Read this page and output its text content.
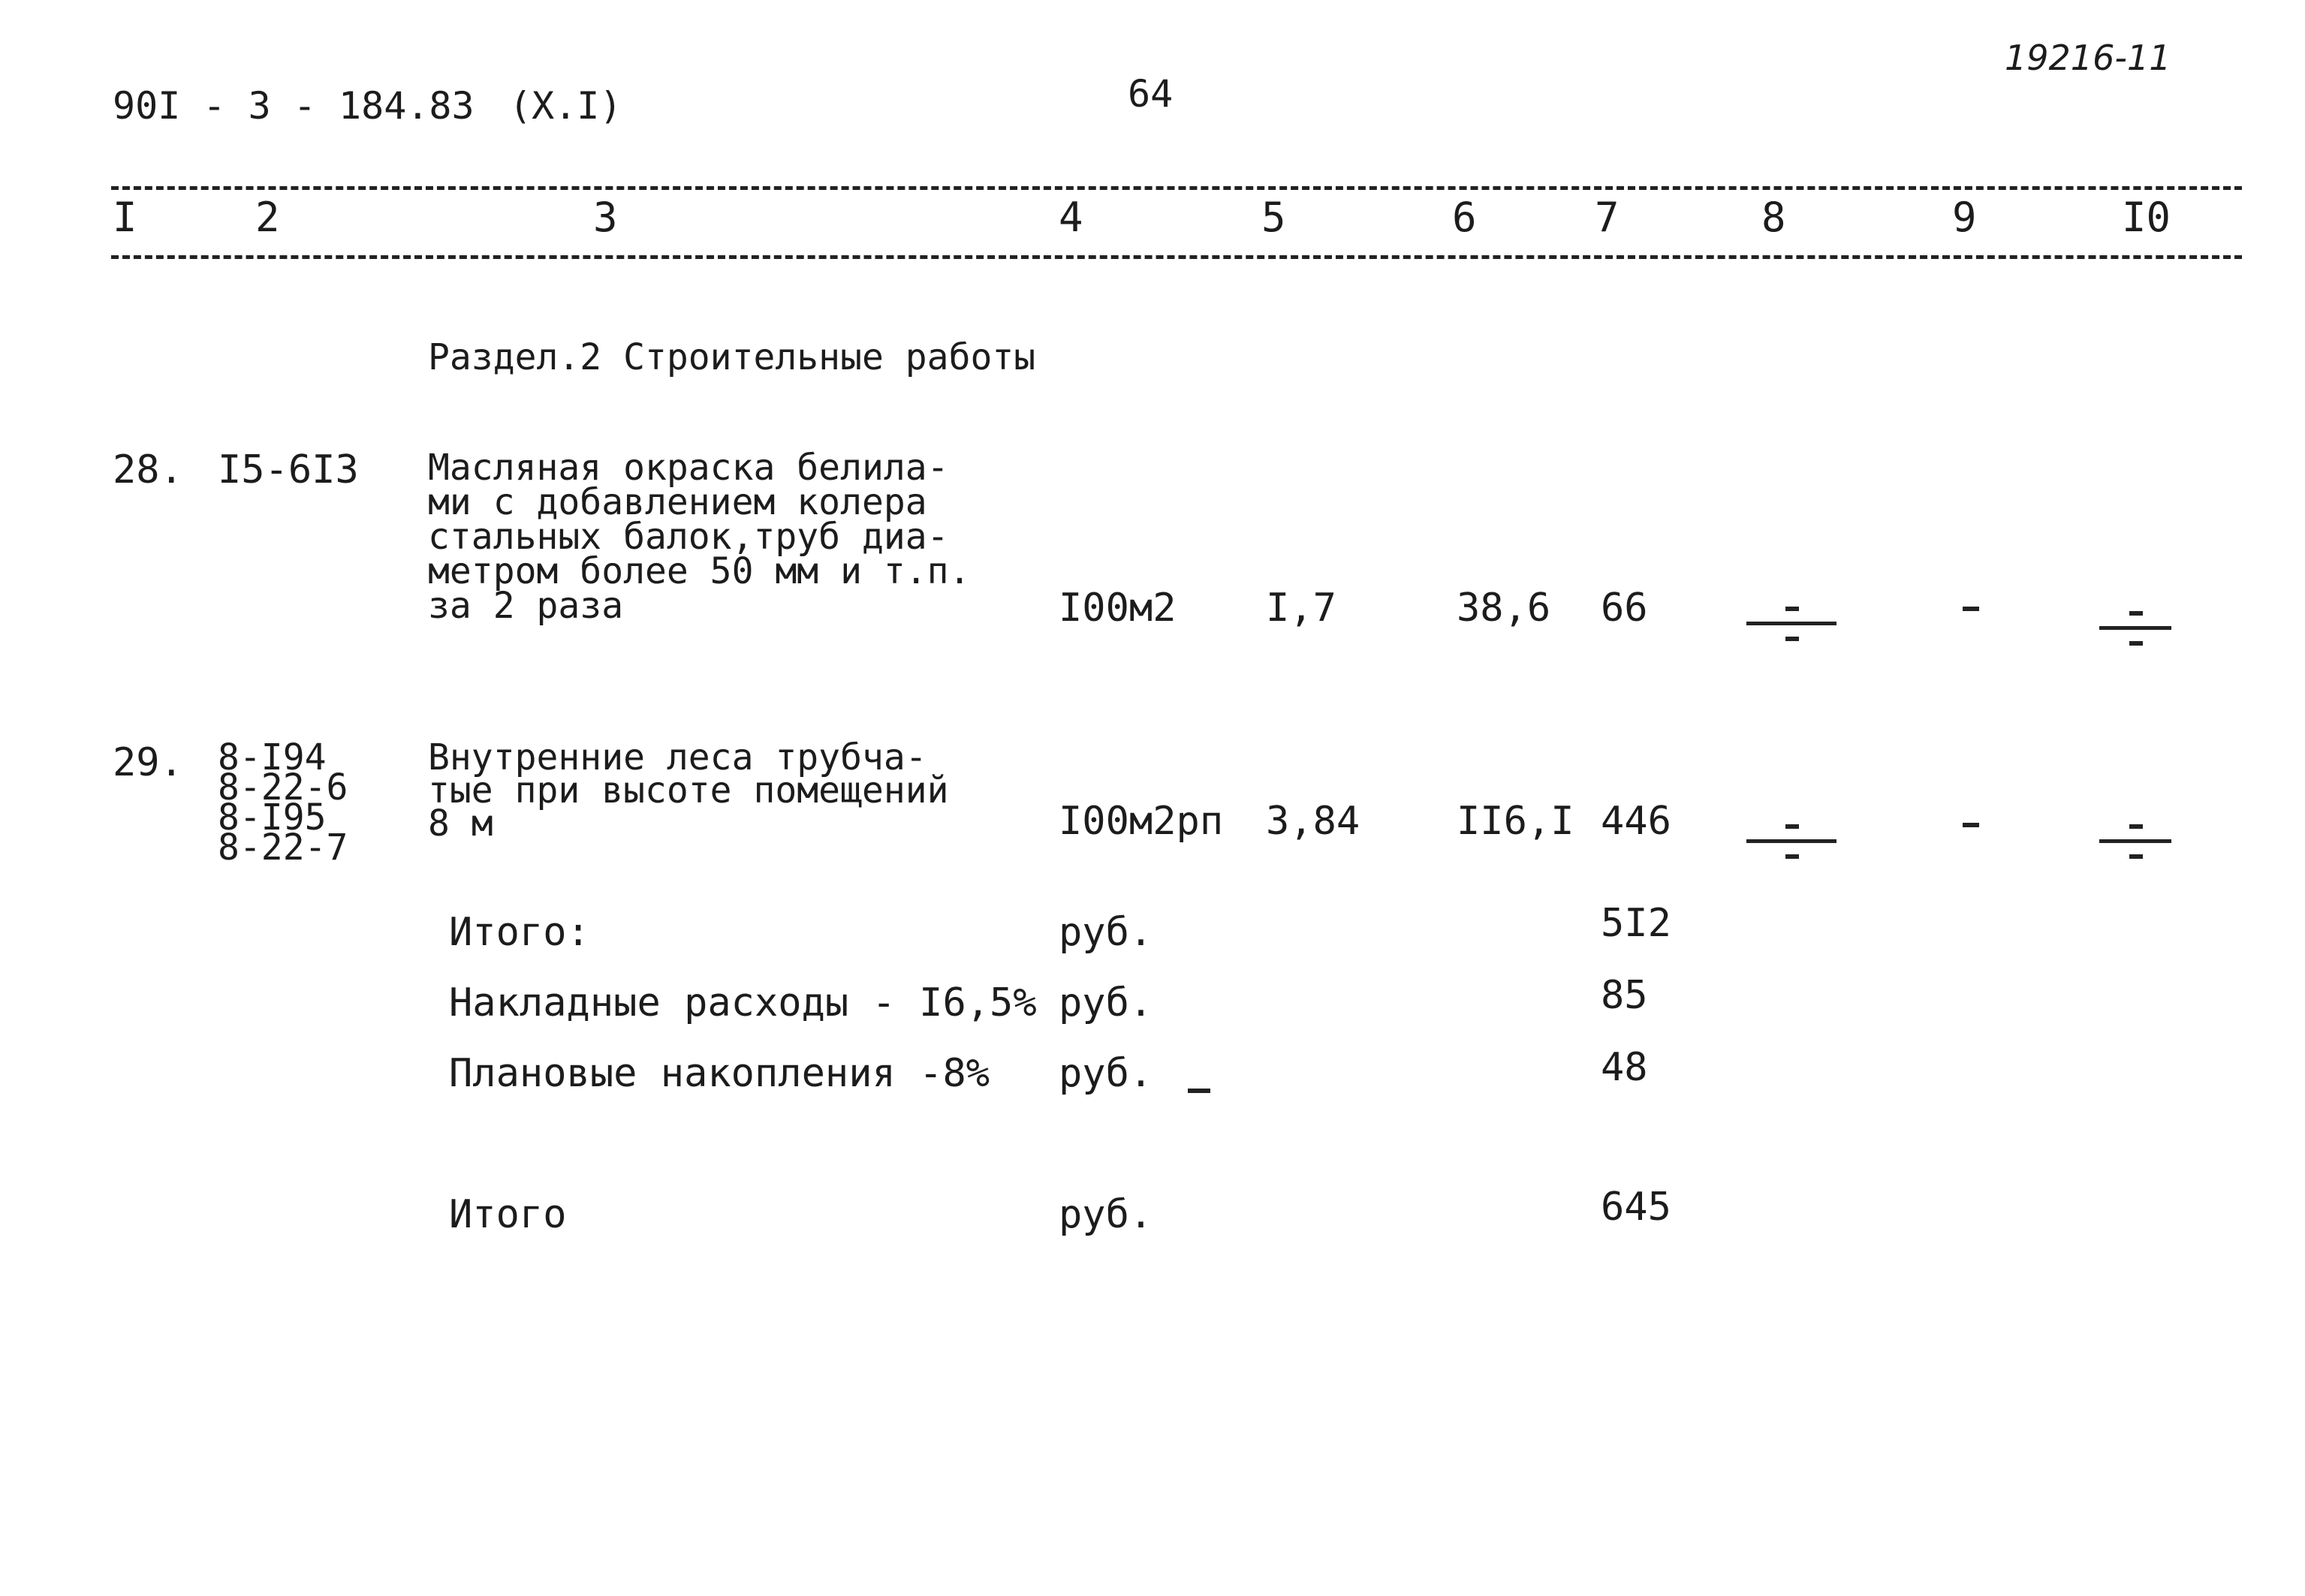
90I - 3 - 184.83 (X.I)	64
19216-11
I	2	3	4	5	6	7	8	9	I0
Раздел.2 Строительные работы
28. I5-6I3 Масляная окраска белила-
ми с добавлением колера
стальных балок,труб диа-
метром более 50 мм и т.п.
за 2 раза	I00м2 I,7	38,6 66
29. 8-I94
8-22-6
8-I95
8-22-7
Внутренние леса трубча-
тые при высоте помещений
8 м	I00м2рп 3,84 II6,I 446
Итого:	руб.	5I2
Накладные расходы - I6,5% руб.	85
Плановые накопления -8% руб.	48
Итого	руб.	645
